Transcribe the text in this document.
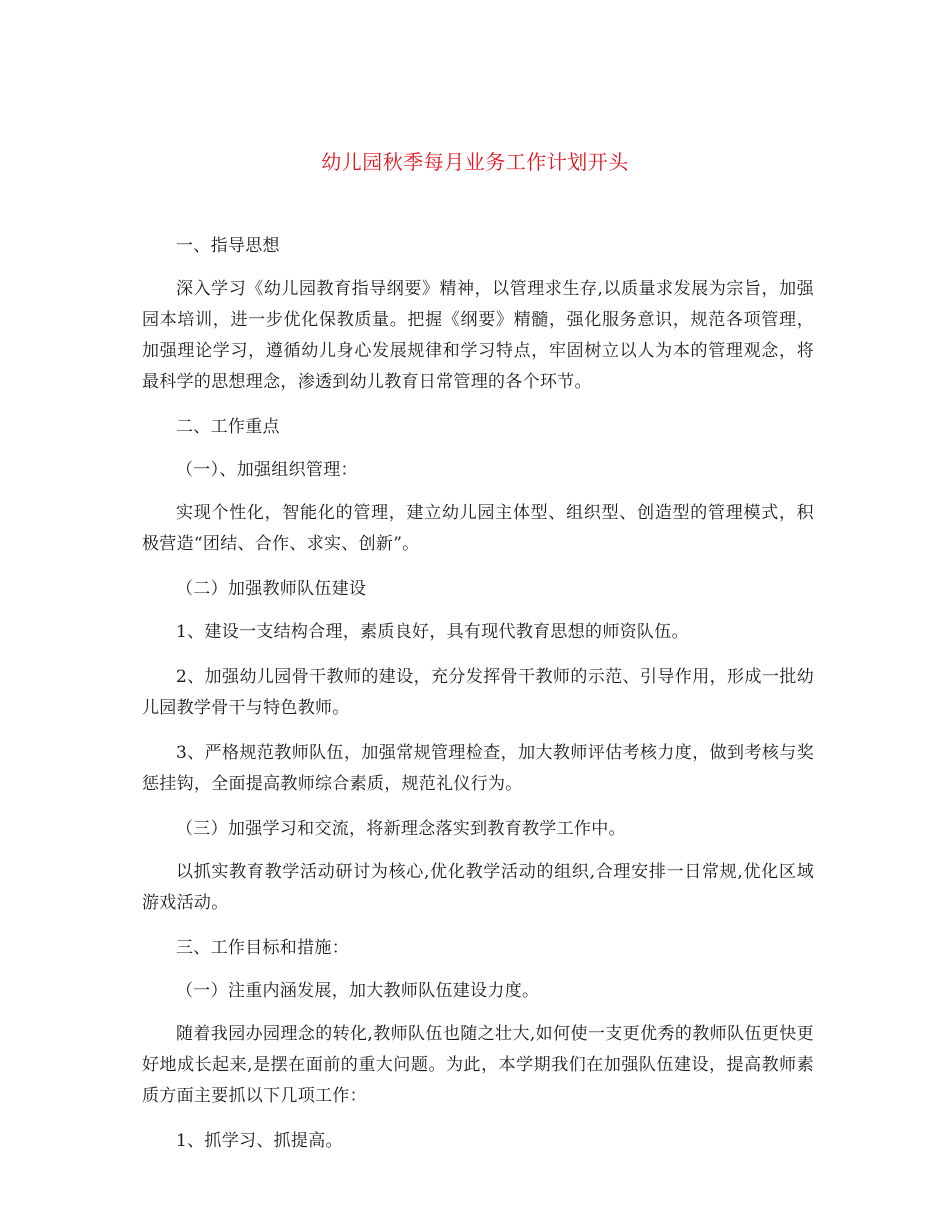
幼儿园秋季每月业务工作计划开头

一、指导思想

深入学习《幼儿园教育指导纲要》精神，以管理求生存,以质量求发展为宗旨，加强园本培训，进一步优化保教质量。把握《纲要》精髓，强化服务意识，规范各项管理，加强理论学习，遵循幼儿身心发展规律和学习特点，牢固树立以人为本的管理观念，将最科学的思想理念，渗透到幼儿教育日常管理的各个环节。

二、工作重点

（一）、加强组织管理：

实现个性化，智能化的管理，建立幼儿园主体型、组织型、创造型的管理模式，积极营造“团结、合作、求实、创新”。

（二）加强教师队伍建设

1、建设一支结构合理，素质良好，具有现代教育思想的师资队伍。

2、加强幼儿园骨干教师的建设，充分发挥骨干教师的示范、引导作用，形成一批幼儿园教学骨干与特色教师。

3、严格规范教师队伍，加强常规管理检查，加大教师评估考核力度，做到考核与奖惩挂钩，全面提高教师综合素质，规范礼仪行为。

（三）加强学习和交流，将新理念落实到教育教学工作中。

以抓实教育教学活动研讨为核心,优化教学活动的组织,合理安排一日常规,优化区域游戏活动。

三、工作目标和措施：

（一）注重内涵发展，加大教师队伍建设力度。

随着我园办园理念的转化,教师队伍也随之壮大,如何使一支更优秀的教师队伍更快更好地成长起来,是摆在面前的重大问题。为此，本学期我们在加强队伍建设，提高教师素质方面主要抓以下几项工作：

1、抓学习、抓提高。
